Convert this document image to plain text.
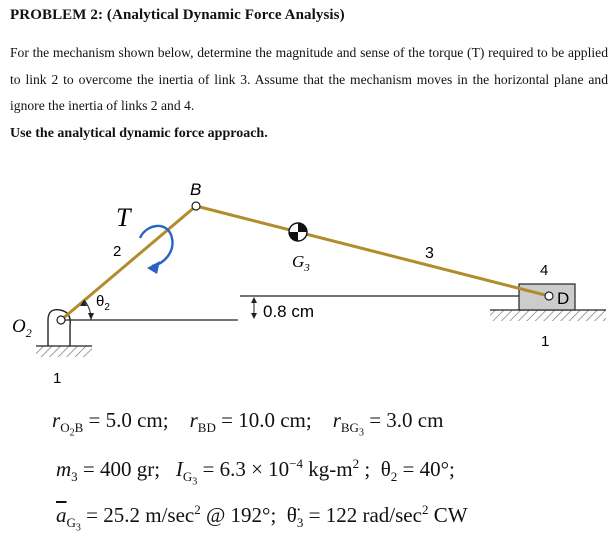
PROBLEM 2: (Analytical Dynamic Force Analysis)
For the mechanism shown below, determine the magnitude and sense of the torque (T) required to be applied to link 2 to overcome the inertia of link 3. Assume that the mechanism moves in the horizontal plane and ignore the inertia of links 2 and 4.
Use the analytical dynamic force approach.
T
B
2	3
4
1
1
D
0.8 cm
$G_3$
$O_2$
$\theta_2$
$r_{O_2B} = 5.0$ cm;    $r_{BD} = 10.0$ cm;    $r_{BG_3} = 3.0$ cm
$m_3 = 400$ gr;   $I_{G_3} = 6.3 \times 10^{-4}$ $kg-m^2$ ;  $\theta_2 = 40^\circ$;
$\overline{a}_{G_3} = 25.2$ $m/\sec^2$ @ 192°;  $\thetä_3 = 122$ rad/$\sec^2$ CW
